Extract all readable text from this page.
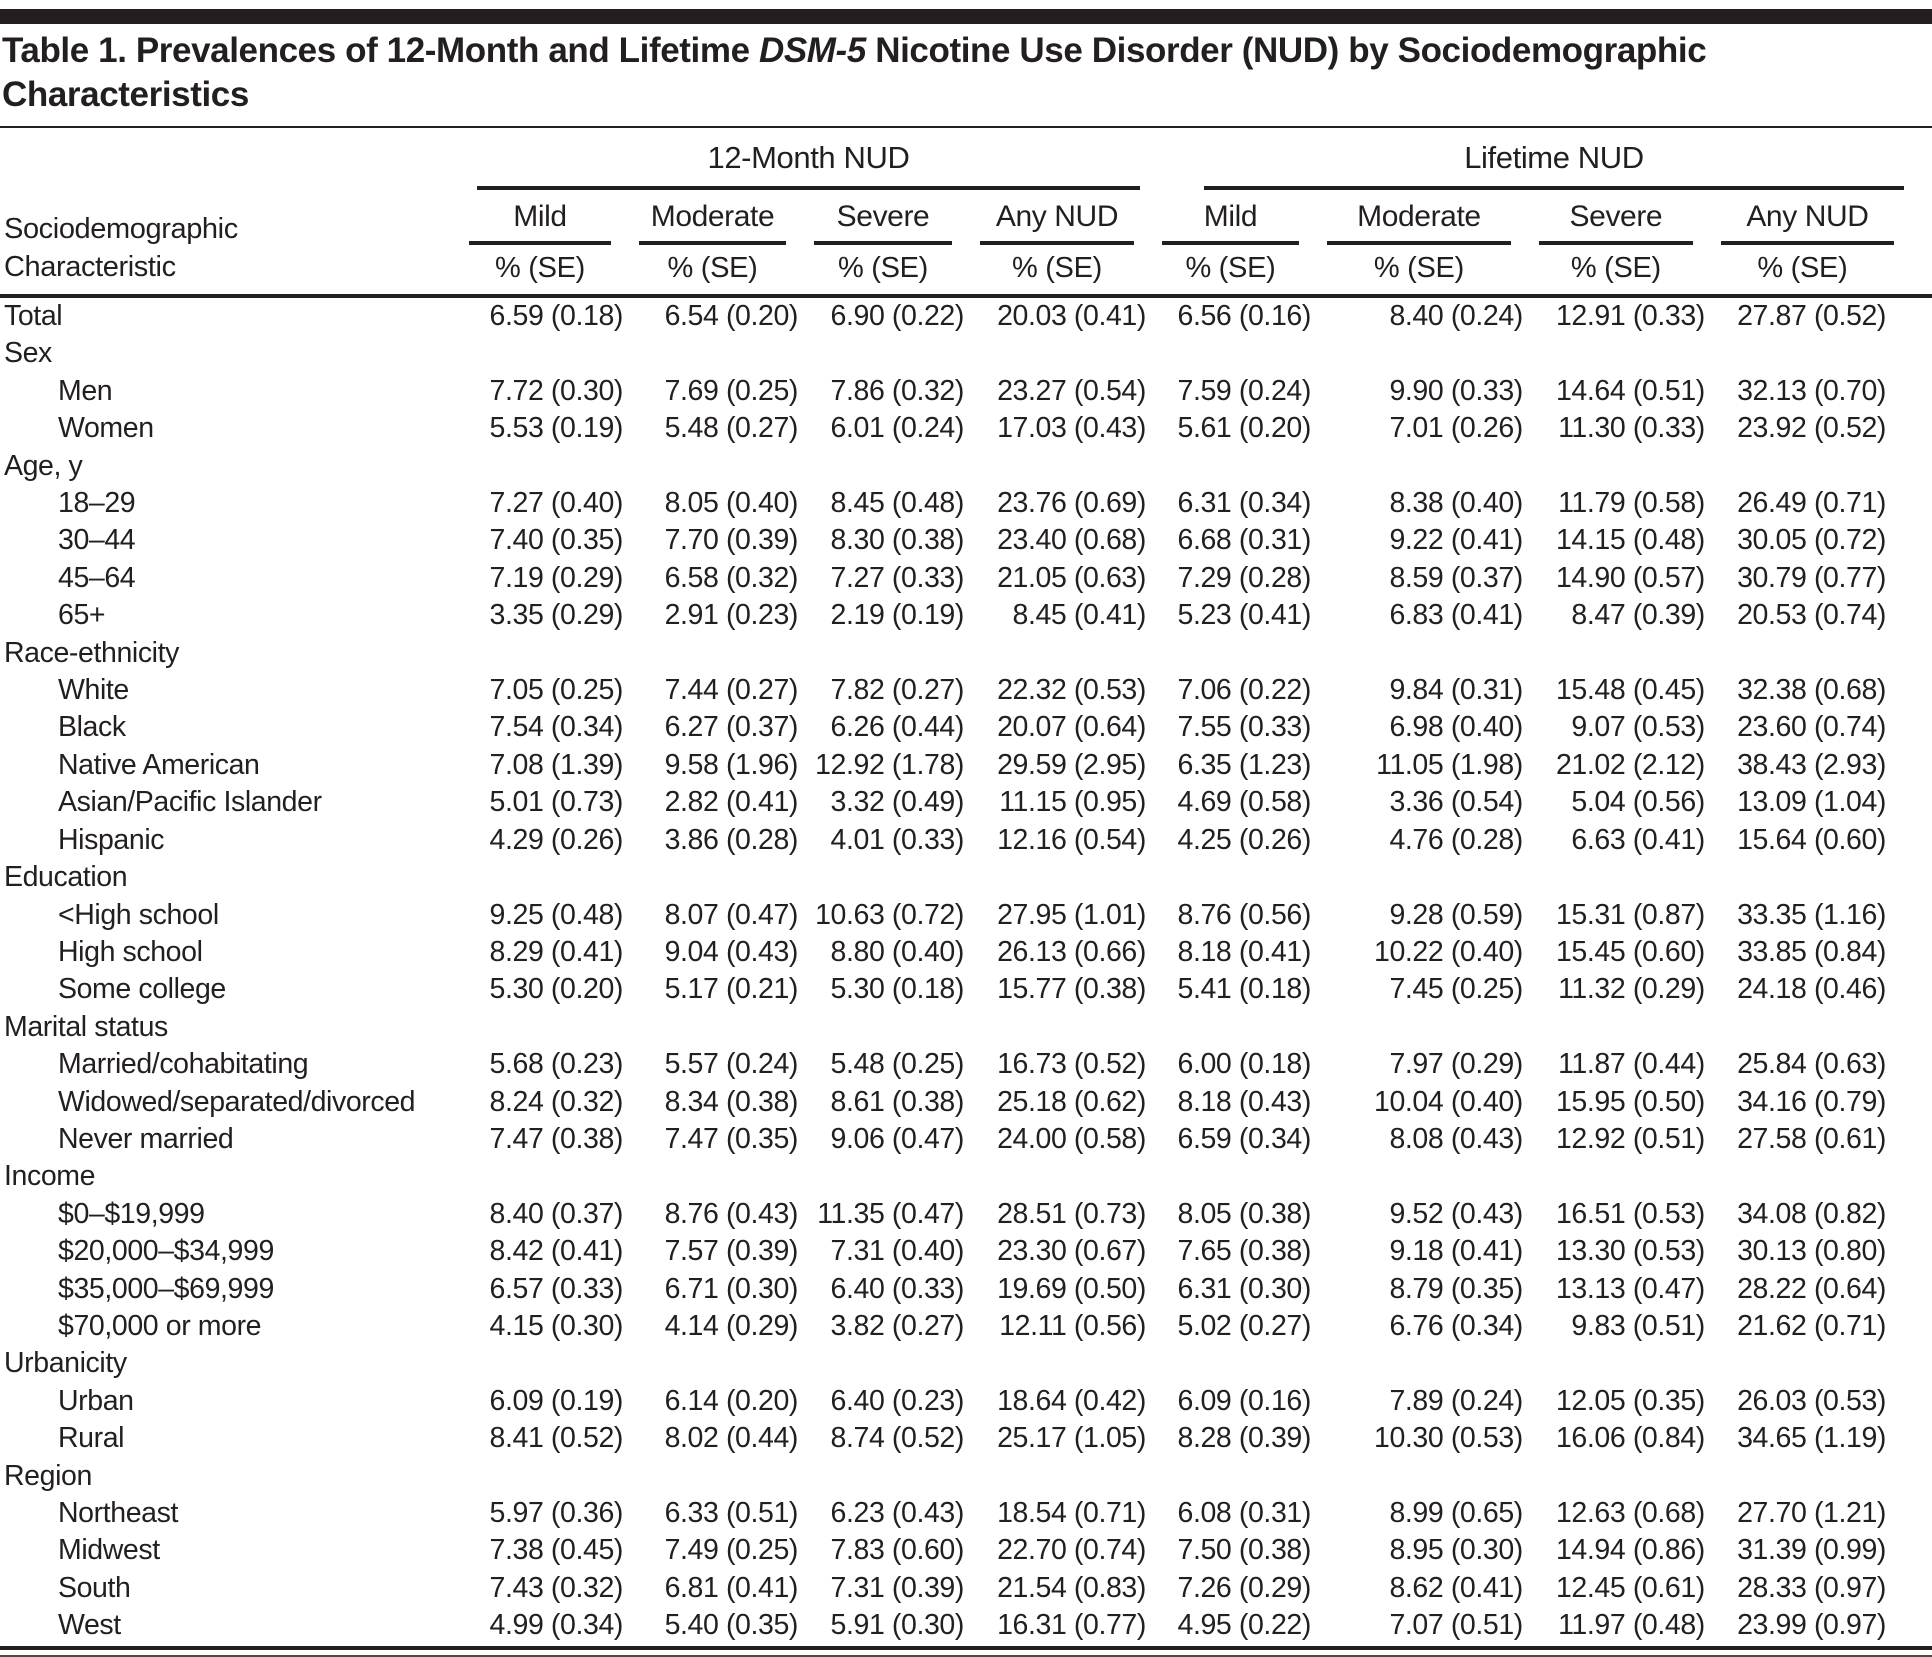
Table 1. Prevalences of 12-Month and Lifetime DSM-5 Nicotine Use Disorder (NUD) by Sociodemographic
Characteristics
Sociodemographic
Characteristic	12-Month NUD				Lifetime NUD			

	Mild	Moderate	Severe	Any NUD	Mild	Moderate	Severe	Any NUD

	% (SE)	% (SE)	% (SE)	% (SE)	% (SE)	% (SE)	% (SE)	% (SE)
Total	6.59 (0.18)	6.54 (0.20)	6.90 (0.22)	20.03 (0.41)	6.56 (0.16)	8.40 (0.24)	12.91 (0.33)	27.87 (0.52)
Sex								
Men	7.72 (0.30)	7.69 (0.25)	7.86 (0.32)	23.27 (0.54)	7.59 (0.24)	9.90 (0.33)	14.64 (0.51)	32.13 (0.70)
Women	5.53 (0.19)	5.48 (0.27)	6.01 (0.24)	17.03 (0.43)	5.61 (0.20)	7.01 (0.26)	11.30 (0.33)	23.92 (0.52)
Age, y								
18–29	7.27 (0.40)	8.05 (0.40)	8.45 (0.48)	23.76 (0.69)	6.31 (0.34)	8.38 (0.40)	11.79 (0.58)	26.49 (0.71)
30–44	7.40 (0.35)	7.70 (0.39)	8.30 (0.38)	23.40 (0.68)	6.68 (0.31)	9.22 (0.41)	14.15 (0.48)	30.05 (0.72)
45–64	7.19 (0.29)	6.58 (0.32)	7.27 (0.33)	21.05 (0.63)	7.29 (0.28)	8.59 (0.37)	14.90 (0.57)	30.79 (0.77)
65+	3.35 (0.29)	2.91 (0.23)	2.19 (0.19)	8.45 (0.41)	5.23 (0.41)	6.83 (0.41)	8.47 (0.39)	20.53 (0.74)
Race-ethnicity								
White	7.05 (0.25)	7.44 (0.27)	7.82 (0.27)	22.32 (0.53)	7.06 (0.22)	9.84 (0.31)	15.48 (0.45)	32.38 (0.68)
Black	7.54 (0.34)	6.27 (0.37)	6.26 (0.44)	20.07 (0.64)	7.55 (0.33)	6.98 (0.40)	9.07 (0.53)	23.60 (0.74)
Native American	7.08 (1.39)	9.58 (1.96)	12.92 (1.78)	29.59 (2.95)	6.35 (1.23)	11.05 (1.98)	21.02 (2.12)	38.43 (2.93)
Asian/Pacific Islander	5.01 (0.73)	2.82 (0.41)	3.32 (0.49)	11.15 (0.95)	4.69 (0.58)	3.36 (0.54)	5.04 (0.56)	13.09 (1.04)
Hispanic	4.29 (0.26)	3.86 (0.28)	4.01 (0.33)	12.16 (0.54)	4.25 (0.26)	4.76 (0.28)	6.63 (0.41)	15.64 (0.60)
Education								
<High school	9.25 (0.48)	8.07 (0.47)	10.63 (0.72)	27.95 (1.01)	8.76 (0.56)	9.28 (0.59)	15.31 (0.87)	33.35 (1.16)
High school	8.29 (0.41)	9.04 (0.43)	8.80 (0.40)	26.13 (0.66)	8.18 (0.41)	10.22 (0.40)	15.45 (0.60)	33.85 (0.84)
Some college	5.30 (0.20)	5.17 (0.21)	5.30 (0.18)	15.77 (0.38)	5.41 (0.18)	7.45 (0.25)	11.32 (0.29)	24.18 (0.46)
Marital status								
Married/cohabitating	5.68 (0.23)	5.57 (0.24)	5.48 (0.25)	16.73 (0.52)	6.00 (0.18)	7.97 (0.29)	11.87 (0.44)	25.84 (0.63)
Widowed/separated/divorced	8.24 (0.32)	8.34 (0.38)	8.61 (0.38)	25.18 (0.62)	8.18 (0.43)	10.04 (0.40)	15.95 (0.50)	34.16 (0.79)
Never married	7.47 (0.38)	7.47 (0.35)	9.06 (0.47)	24.00 (0.58)	6.59 (0.34)	8.08 (0.43)	12.92 (0.51)	27.58 (0.61)
Income								
$0–$19,999	8.40 (0.37)	8.76 (0.43)	11.35 (0.47)	28.51 (0.73)	8.05 (0.38)	9.52 (0.43)	16.51 (0.53)	34.08 (0.82)
$20,000–$34,999	8.42 (0.41)	7.57 (0.39)	7.31 (0.40)	23.30 (0.67)	7.65 (0.38)	9.18 (0.41)	13.30 (0.53)	30.13 (0.80)
$35,000–$69,999	6.57 (0.33)	6.71 (0.30)	6.40 (0.33)	19.69 (0.50)	6.31 (0.30)	8.79 (0.35)	13.13 (0.47)	28.22 (0.64)
$70,000 or more	4.15 (0.30)	4.14 (0.29)	3.82 (0.27)	12.11 (0.56)	5.02 (0.27)	6.76 (0.34)	9.83 (0.51)	21.62 (0.71)
Urbanicity								
Urban	6.09 (0.19)	6.14 (0.20)	6.40 (0.23)	18.64 (0.42)	6.09 (0.16)	7.89 (0.24)	12.05 (0.35)	26.03 (0.53)
Rural	8.41 (0.52)	8.02 (0.44)	8.74 (0.52)	25.17 (1.05)	8.28 (0.39)	10.30 (0.53)	16.06 (0.84)	34.65 (1.19)
Region								
Northeast	5.97 (0.36)	6.33 (0.51)	6.23 (0.43)	18.54 (0.71)	6.08 (0.31)	8.99 (0.65)	12.63 (0.68)	27.70 (1.21)
Midwest	7.38 (0.45)	7.49 (0.25)	7.83 (0.60)	22.70 (0.74)	7.50 (0.38)	8.95 (0.30)	14.94 (0.86)	31.39 (0.99)
South	7.43 (0.32)	6.81 (0.41)	7.31 (0.39)	21.54 (0.83)	7.26 (0.29)	8.62 (0.41)	12.45 (0.61)	28.33 (0.97)
West	4.99 (0.34)	5.40 (0.35)	5.91 (0.30)	16.31 (0.77)	4.95 (0.22)	7.07 (0.51)	11.97 (0.48)	23.99 (0.97)
